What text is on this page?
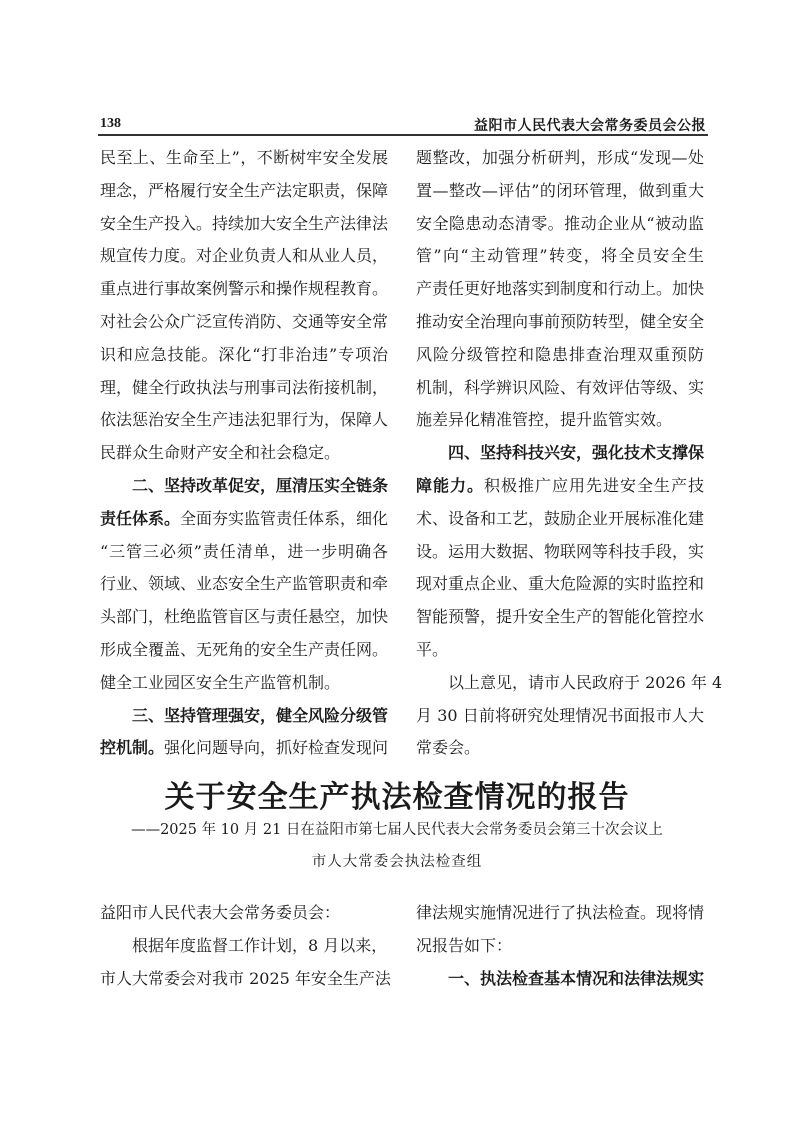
138	益阳市人民代表大会常务委员会公报
民至上、生命至上”，不断树牢安全发展
理念，严格履行安全生产法定职责，保障
安全生产投入。持续加大安全生产法律法
规宣传力度。对企业负责人和从业人员，
重点进行事故案例警示和操作规程教育。
对社会公众广泛宣传消防、交通等安全常
识和应急技能。深化“打非治违”专项治
理，健全行政执法与刑事司法衔接机制，
依法惩治安全生产违法犯罪行为，保障人
民群众生命财产安全和社会稳定。
二、坚持改革促安，厘清压实全链条
责任体系。全面夯实监管责任体系，细化
“三管三必须”责任清单，进一步明确各
行业、领域、业态安全生产监管职责和牵
头部门，杜绝监管盲区与责任悬空，加快
形成全覆盖、无死角的安全生产责任网。
健全工业园区安全生产监管机制。
三、坚持管理强安，健全风险分级管
控机制。强化问题导向，抓好检查发现问
题整改，加强分析研判，形成“发现—处
置—整改—评估”的闭环管理，做到重大
安全隐患动态清零。推动企业从“被动监
管”向“主动管理”转变，将全员安全生
产责任更好地落实到制度和行动上。加快
推动安全治理向事前预防转型，健全安全
风险分级管控和隐患排查治理双重预防
机制，科学辨识风险、有效评估等级、实
施差异化精准管控，提升监管实效。
四、坚持科技兴安，强化技术支撑保
障能力。积极推广应用先进安全生产技
术、设备和工艺，鼓励企业开展标准化建
设。运用大数据、物联网等科技手段，实
现对重点企业、重大危险源的实时监控和
智能预警，提升安全生产的智能化管控水
平。
以上意见，请市人民政府于 2026 年 4
月 30 日前将研究处理情况书面报市人大
常委会。
关于安全生产执法检查情况的报告
——2025 年 10 月 21 日在益阳市第七届人民代表大会常务委员会第三十次会议上
市人大常委会执法检查组
益阳市人民代表大会常务委员会：
根据年度监督工作计划，8 月以来，
市人大常委会对我市 2025 年安全生产法
律法规实施情况进行了执法检查。现将情
况报告如下：
一、执法检查基本情况和法律法规实
